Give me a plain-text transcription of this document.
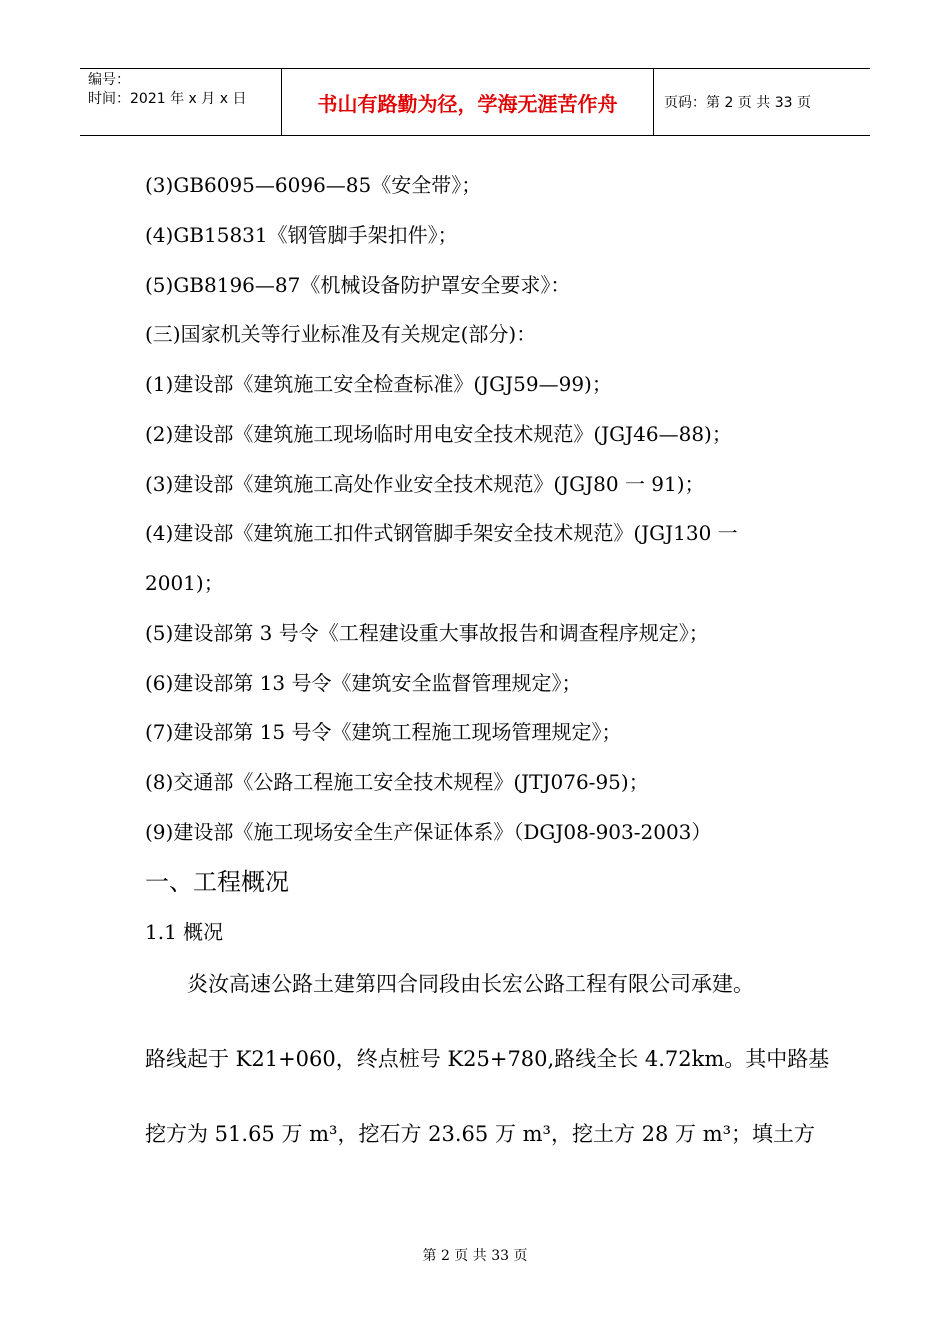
编号：
时间：2021 年 x 月 x 日	书山有路勤为径，学海无涯苦作舟	页码：第 2 页 共 33 页
(3)GB6095—6096—85《安全带》；
(4)GB15831《钢管脚手架扣件》；
(5)GB8196—87《机械设备防护罩安全要求》：
(三)国家机关等行业标准及有关规定(部分)：
(1)建设部《建筑施工安全检查标准》(JGJ59—99)；
(2)建设部《建筑施工现场临时用电安全技术规范》(JGJ46—88)；
(3)建设部《建筑施工高处作业安全技术规范》(JGJ80 一 91)；
(4)建设部《建筑施工扣件式钢管脚手架安全技术规范》(JGJ130 一
2001)；
(5)建设部第 3 号令《工程建设重大事故报告和调查程序规定》；
(6)建设部第 13 号令《建筑安全监督管理规定》；
(7)建设部第 15 号令《建筑工程施工现场管理规定》；
(8)交通部《公路工程施工安全技术规程》(JTJ076-95)；
(9)建设部《施工现场安全生产保证体系》（DGJ08-903-2003）
一、工程概况
1.1 概况
　　炎汝高速公路土建第四合同段由长宏公路工程有限公司承建。
路线起于 K21+060，终点桩号 K25+780,路线全长 4.72km。其中路基
挖方为 51.65 万 m³，挖石方 23.65 万 m³，挖土方 28 万 m³；填土方
第 2 页 共 33 页
